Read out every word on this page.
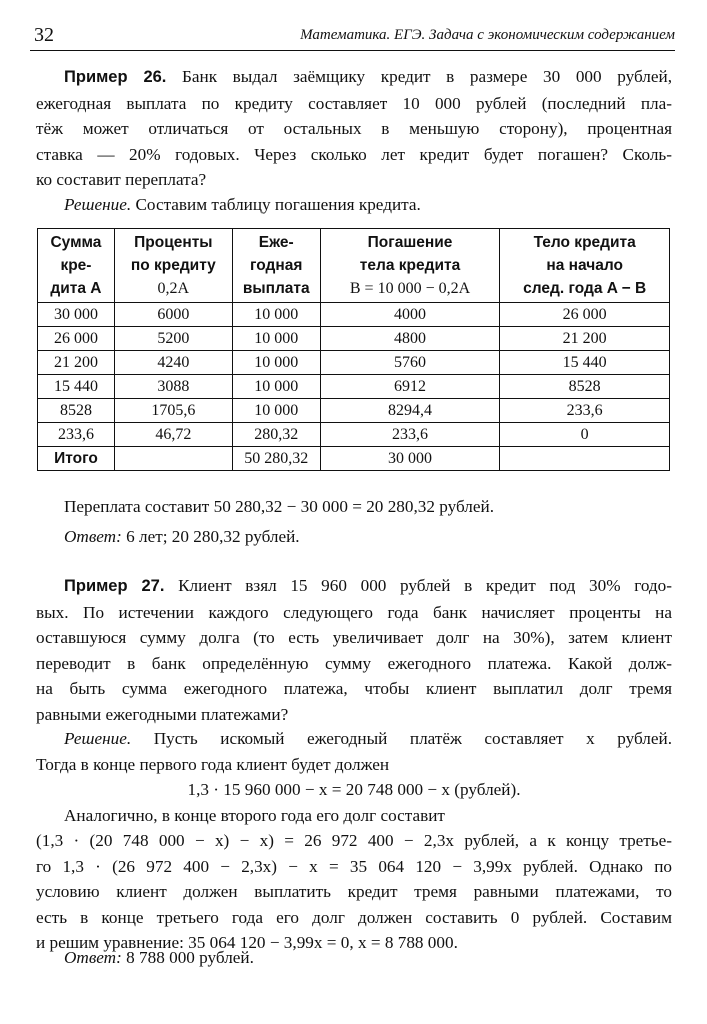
32	Математика. ЕГЭ. Задача с экономическим содержанием
Пример 26. Банк выдал заёмщику кредит в размере 30 000 рублей,
ежегодная выплата по кредиту составляет 10 000 рублей (последний пла-
тёж может отличаться от остальных в меньшую сторону), процентная
ставка — 20% годовых. Через сколько лет кредит будет погашен? Сколь-
ко составит переплата?
Решение. Составим таблицу погашения кредита.
Сумма
кре-
дита A	Проценты
по кредиту
0,2A	Еже-
годная
выплата	Погашение
тела кредита
B = 10 000 − 0,2A	Тело кредита
на начало
след. года A − B
30 000	6000	10 000	4000	26 000
26 000	5200	10 000	4800	21 200
21 200	4240	10 000	5760	15 440
15 440	3088	10 000	6912	8528
8528	1705,6	10 000	8294,4	233,6
233,6	46,72	280,32	233,6	0
Итого		50 280,32	30 000	
Переплата составит 50 280,32 − 30 000 = 20 280,32 рублей.
Ответ: 6 лет; 20 280,32 рублей.
Пример 27. Клиент взял 15 960 000 рублей в кредит под 30% годо-
вых. По истечении каждого следующего года банк начисляет проценты на
оставшуюся сумму долга (то есть увеличивает долг на 30%), затем клиент
переводит в банк определённую сумму ежегодного платежа. Какой долж-
на быть сумма ежегодного платежа, чтобы клиент выплатил долг тремя
равными ежегодными платежами?
Решение. Пусть искомый ежегодный платёж составляет x рублей.
Тогда в конце первого года клиент будет должен
1,3 · 15 960 000 − x = 20 748 000 − x (рублей).
Аналогично, в конце второго года его долг составит
(1,3 · (20 748 000 − x) − x) = 26 972 400 − 2,3x рублей, а к концу третье-
го 1,3 · (26 972 400 − 2,3x) − x = 35 064 120 − 3,99x рублей. Однако по
условию клиент должен выплатить кредит тремя равными платежами, то
есть в конце третьего года его долг должен составить 0 рублей. Составим
и решим уравнение: 35 064 120 − 3,99x = 0, x = 8 788 000.
Ответ: 8 788 000 рублей.
